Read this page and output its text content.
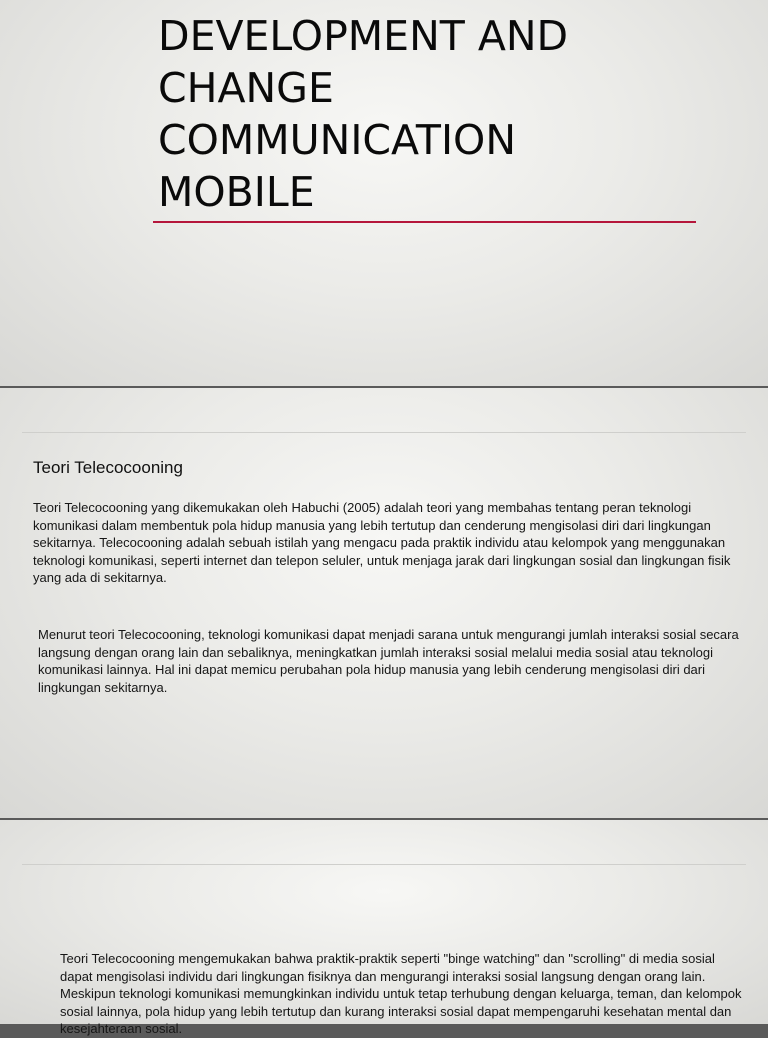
DEVELOPMENT AND
CHANGE
COMMUNICATION
MOBILE
Teori Telecocooning

Teori Telecocooning yang dikemukakan oleh Habuchi (2005) adalah teori yang membahas tentang peran teknologi komunikasi dalam membentuk pola hidup manusia yang lebih tertutup dan cenderung mengisolasi diri dari lingkungan sekitarnya. Telecocooning adalah sebuah istilah yang mengacu pada praktik individu atau kelompok yang menggunakan teknologi komunikasi, seperti internet dan telepon seluler, untuk menjaga jarak dari lingkungan sosial dan lingkungan fisik yang ada di sekitarnya.

Menurut teori Telecocooning, teknologi komunikasi dapat menjadi sarana untuk mengurangi jumlah interaksi sosial secara langsung dengan orang lain dan sebaliknya, meningkatkan jumlah interaksi sosial melalui media sosial atau teknologi komunikasi lainnya. Hal ini dapat memicu perubahan pola hidup manusia yang lebih cenderung mengisolasi diri dari lingkungan sekitarnya.

Teori Telecocooning mengemukakan bahwa praktik-praktik seperti "binge watching" dan "scrolling" di media sosial dapat mengisolasi individu dari lingkungan fisiknya dan mengurangi interaksi sosial langsung dengan orang lain. Meskipun teknologi komunikasi memungkinkan individu untuk tetap terhubung dengan keluarga, teman, dan kelompok sosial lainnya, pola hidup yang lebih tertutup dan kurang interaksi sosial dapat mempengaruhi kesehatan mental dan kesejahteraan sosial.
